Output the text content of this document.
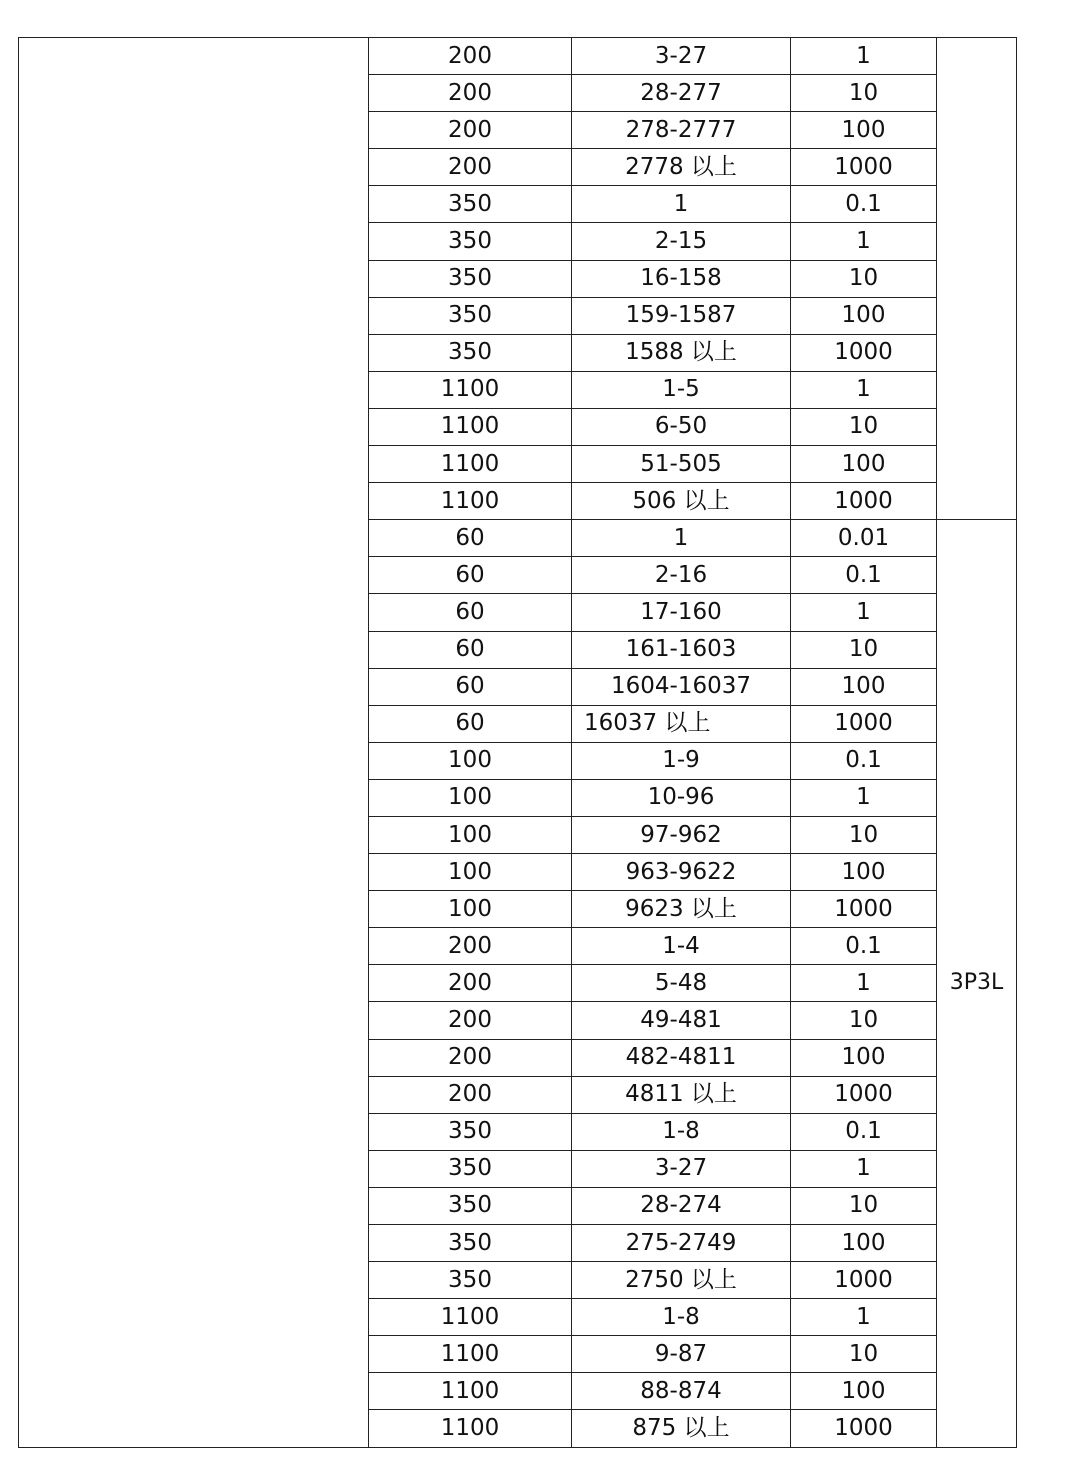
	200	3-27	1	
	200	28-277	10	
	200	278-2777	100	
	200	2778 以上	1000	
	350	1	0.1	
	350	2-15	1	
	350	16-158	10	
	350	159-1587	100	
	350	1588 以上	1000	
	1100	1-5	1	
	1100	6-50	10	
	1100	51-505	100	
	1100	506 以上	1000	
	60	1	0.01	3P3L
	60	2-16	0.1	
	60	17-160	1	
	60	161-1603	10	
	60	1604-16037	100	
	60	16037 以上	1000	
	100	1-9	0.1	
	100	10-96	1	
	100	97-962	10	
	100	963-9622	100	
	100	9623 以上	1000	
	200	1-4	0.1	
	200	5-48	1	
	200	49-481	10	
	200	482-4811	100	
	200	4811 以上	1000	
	350	1-8	0.1	
	350	3-27	1	
	350	28-274	10	
	350	275-2749	100	
	350	2750 以上	1000	
	1100	1-8	1	
	1100	9-87	10	
	1100	88-874	100	
	1100	875 以上	1000	
